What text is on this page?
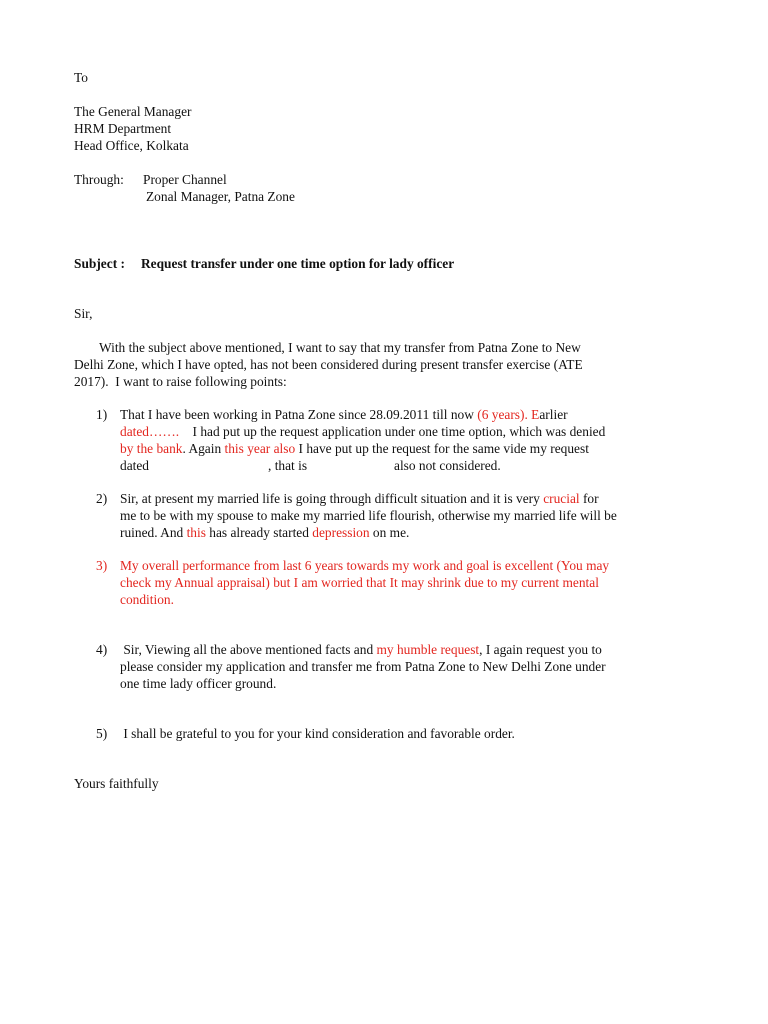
To
The General Manager
HRM Department
Head Office, Kolkata
Through: Proper Channel
Zonal Manager, Patna Zone
Subject : Request transfer under one time option for lady officer
Sir,
With the subject above mentioned, I want to say that my transfer from Patna Zone to New
Delhi Zone, which I have opted, has not been considered during present transfer exercise (ATE
2017).  I want to raise following points:
1) That I have been working in Patna Zone since 28.09.2011 till now (6 years). Earlier
dated…….    I had put up the request application under one time option, which was denied
by the bank. Again this year also I have put up the request for the same vide my request
dated	, that is	also not considered.
2) Sir, at present my married life is going through difficult situation and it is very crucial for
me to be with my spouse to make my married life flourish, otherwise my married life will be
ruined. And this has already started depression on me.
3) My overall performance from last 6 years towards my work and goal is excellent (You may
check my Annual appraisal) but I am worried that It may shrink due to my current mental
condition.
4) Sir, Viewing all the above mentioned facts and my humble request, I again request you to
please consider my application and transfer me from Patna Zone to New Delhi Zone under
one time lady officer ground.
5) I shall be grateful to you for your kind consideration and favorable order.
Yours faithfully
